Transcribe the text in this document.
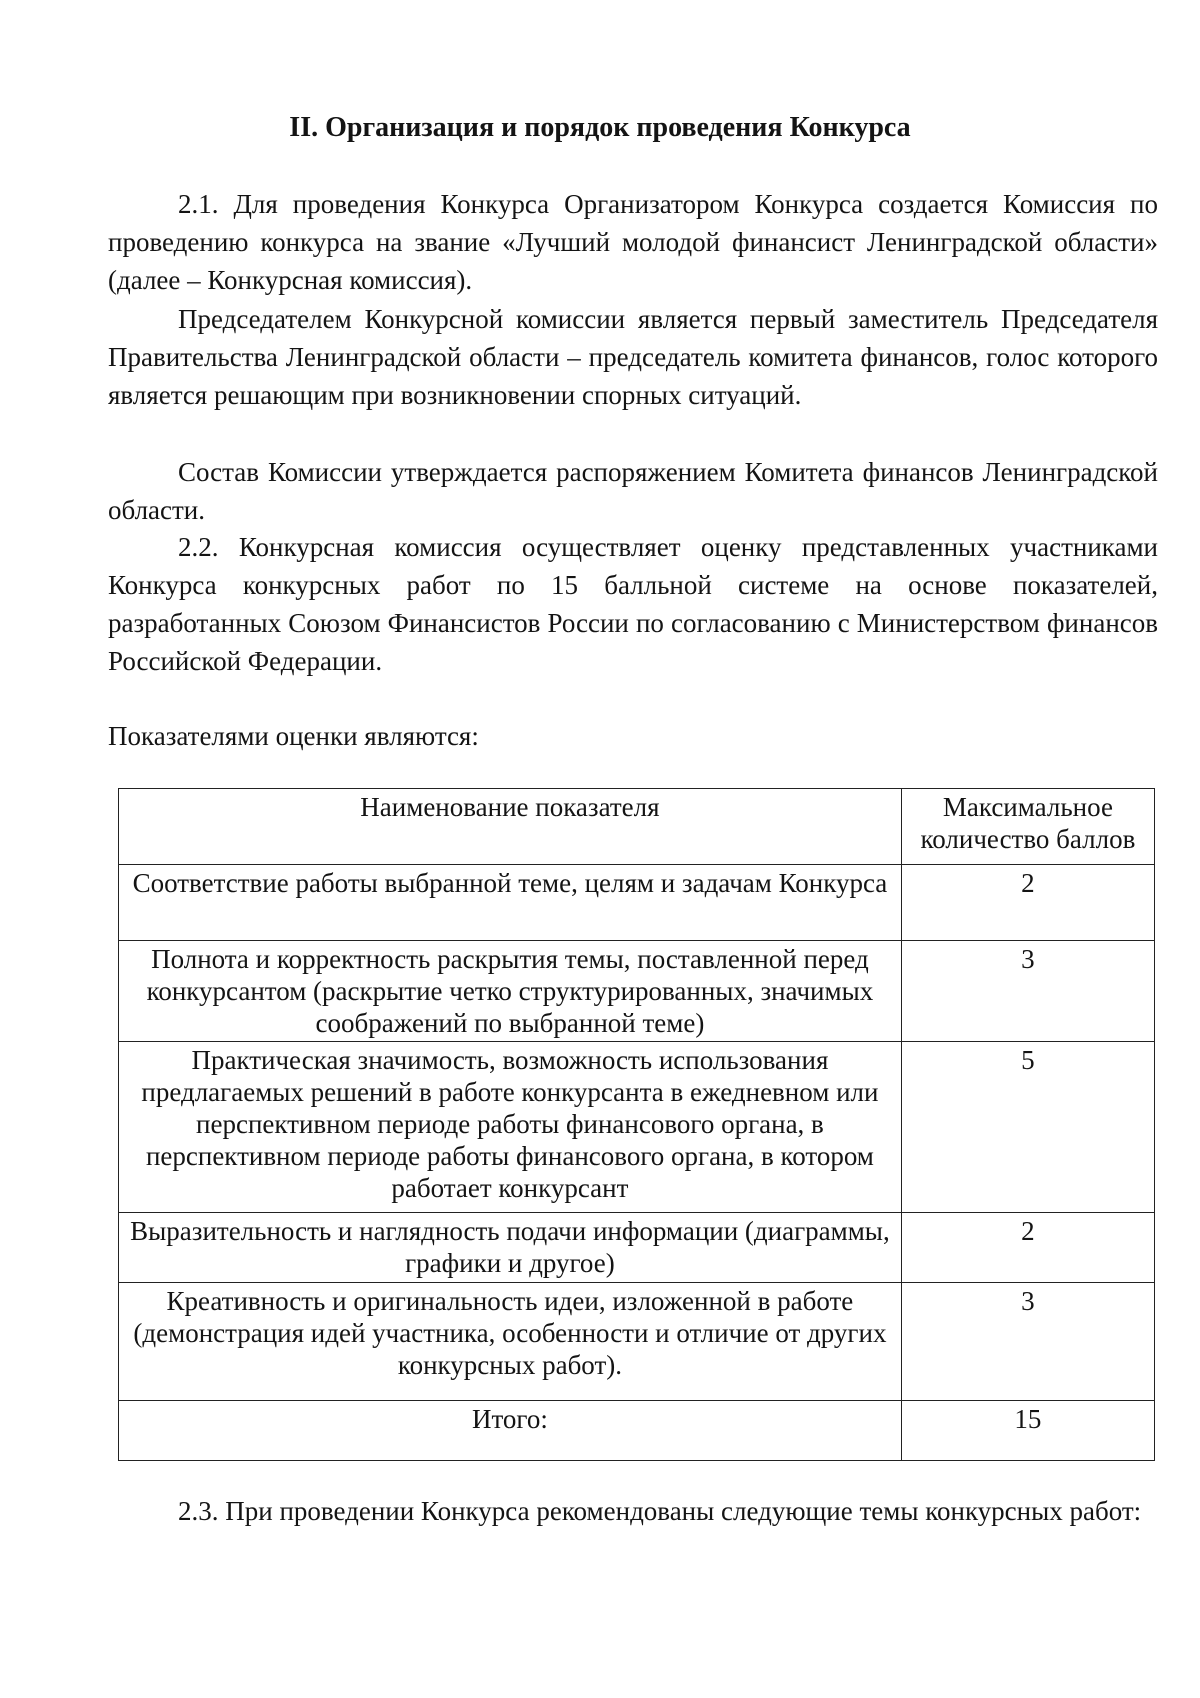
II. Организация и порядок проведения Конкурса
2.1. Для проведения Конкурса Организатором Конкурса создается Комиссия по проведению конкурса на звание «Лучший молодой финансист Ленинградской области» (далее – Конкурсная комиссия).
Председателем Конкурсной комиссии является первый заместитель Председателя Правительства Ленинградской области – председатель комитета финансов, голос которого является решающим при возникновении спорных ситуаций.
Состав Комиссии утверждается распоряжением Комитета финансов Ленинградской области.
2.2. Конкурсная комиссия осуществляет оценку представленных участниками Конкурса конкурсных работ по 15 балльной системе на основе показателей, разработанных Союзом Финансистов России по согласованию с Министерством финансов Российской Федерации.
Показателями оценки являются:
Наименование показателя	Максимальное количество баллов
Соответствие работы выбранной теме, целям и задачам Конкурса	2
Полнота и корректность раскрытия темы, поставленной перед конкурсантом (раскрытие четко структурированных, значимых соображений по выбранной теме)	3
Практическая значимость, возможность использования предлагаемых решений в работе конкурсанта в ежедневном или перспективном периоде работы финансового органа, в перспективном периоде работы финансового органа, в котором работает конкурсант	5
Выразительность и наглядность подачи информации (диаграммы, графики и другое)	2
Креативность и оригинальность идеи, изложенной в работе (демонстрация идей участника, особенности и отличие от других конкурсных работ).	3
Итого:	15
2.3. При проведении Конкурса рекомендованы следующие темы конкурсных работ:
